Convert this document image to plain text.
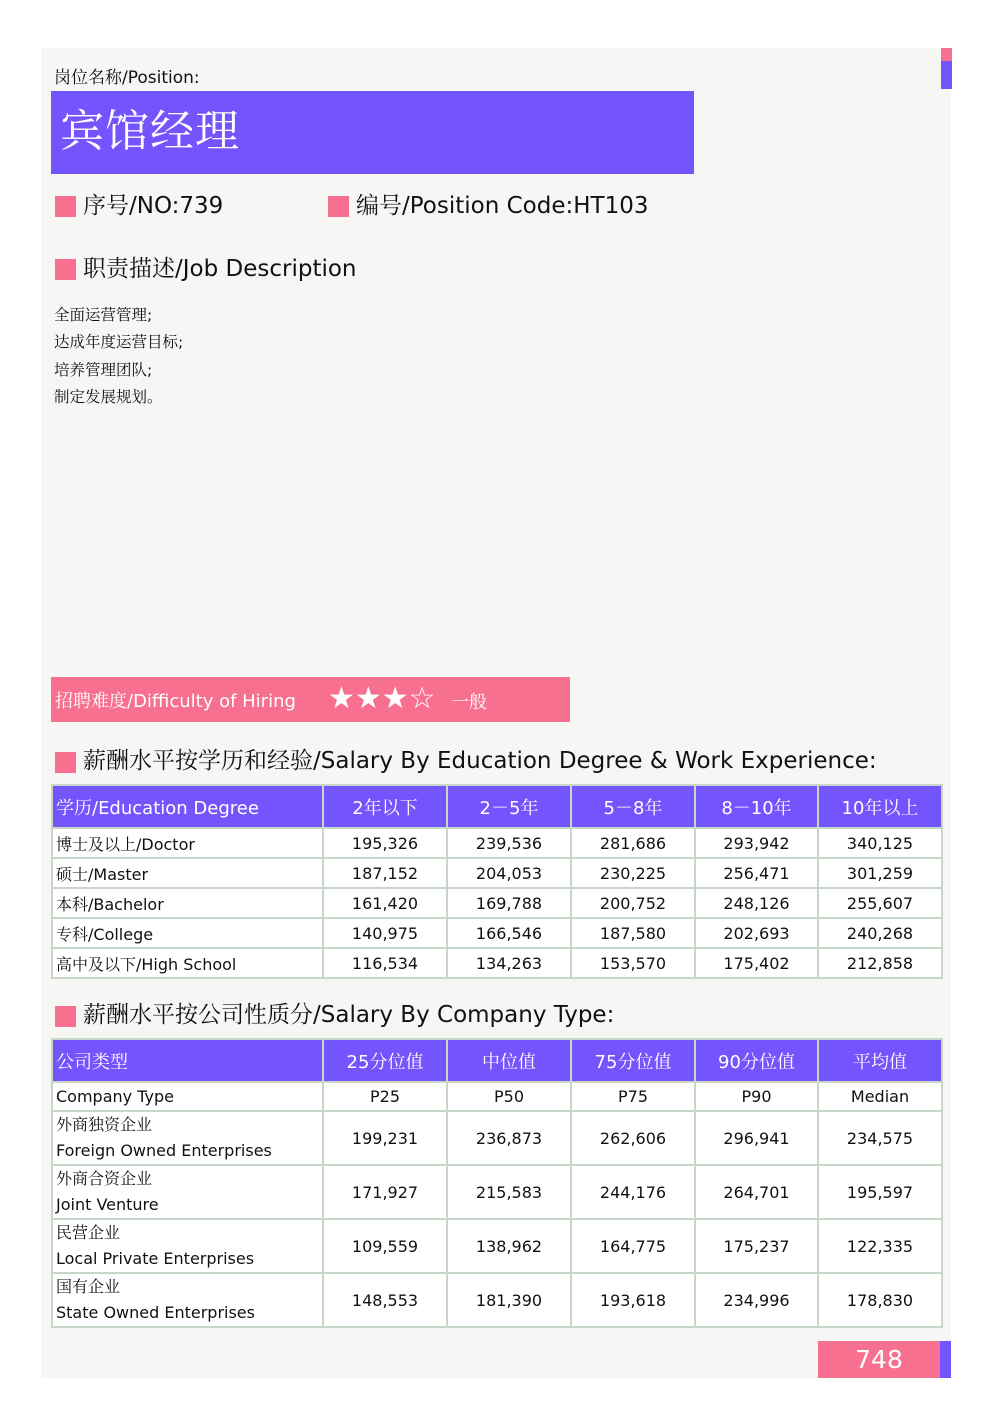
岗位名称/Position:
宾馆经理
序号/NO:739	编号/Position Code:HT103
职责描述/Job Description
全面运营管理;
达成年度运营目标;
培养管理团队;
制定发展规划。
招聘难度/Difficulty of Hiring ★★★☆ 一般
薪酬水平按学历和经验/Salary By Education Degree & Work Experience:
学历/Education Degree	2年以下	2－5年	5－8年	8－10年	10年以上
博士及以上/Doctor	195,326	239,536	281,686	293,942	340,125
硕士/Master	187,152	204,053	230,225	256,471	301,259
本科/Bachelor	161,420	169,788	200,752	248,126	255,607
专科/College	140,975	166,546	187,580	202,693	240,268
高中及以下/High School	116,534	134,263	153,570	175,402	212,858
薪酬水平按公司性质分/Salary By Company Type:
公司类型	25分位值	中位值	75分位值	90分位值	平均值
Company Type	P25	P50	P75	P90	Median

外商独资企业
Foreign Owned Enterprises	199,231	236,873	262,606	296,941	234,575

外商合资企业
Joint Venture	171,927	215,583	244,176	264,701	195,597

民营企业
Local Private Enterprises	109,559	138,962	164,775	175,237	122,335

国有企业
State Owned Enterprises	148,553	181,390	193,618	234,996	178,830
748
